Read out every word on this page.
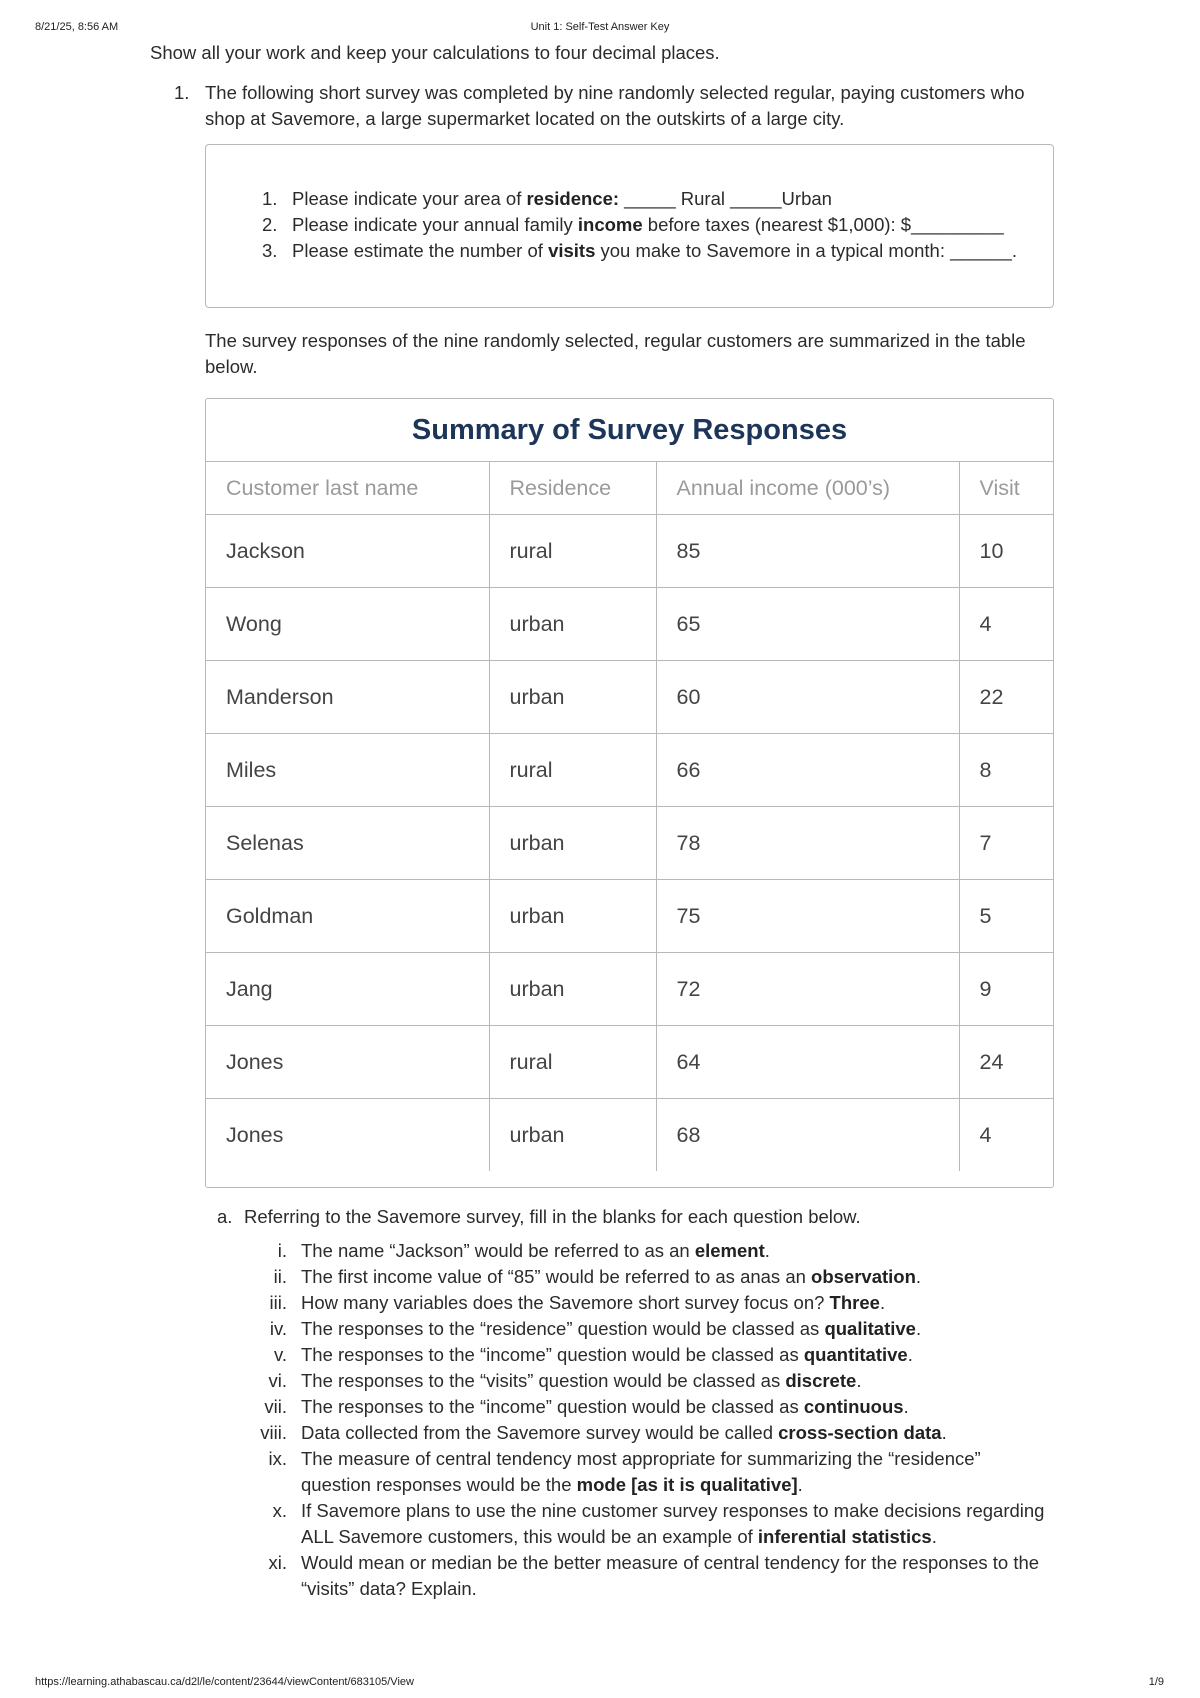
8/21/25, 8:56 AM	Unit 1: Self-Test Answer Key

Show all your work and keep your calculations to four decimal places.

1. The following short survey was completed by nine randomly selected regular, paying customers who shop at Savemore, a large supermarket located on the outskirts of a large city.

1. Please indicate your area of residence: _____ Rural _____Urban
2. Please indicate your annual family income before taxes (nearest $1,000): $_________
3. Please estimate the number of visits you make to Savemore in a typical month: ______.

The survey responses of the nine randomly selected, regular customers are summarized in the table below.

Summary of Survey Responses
Customer last name	Residence	Annual income (000’s)	Visit
Jackson	rural	85	10
Wong	urban	65	4
Manderson	urban	60	22
Miles	rural	66	8
Selenas	urban	78	7
Goldman	urban	75	5
Jang	urban	72	9
Jones	rural	64	24
Jones	urban	68	4

a. Referring to the Savemore survey, fill in the blanks for each question below.

i. The name “Jackson” would be referred to as an element.

ii. The first income value of “85” would be referred to as anas an observation.

iii. How many variables does the Savemore short survey focus on? Three.

iv. The responses to the “residence” question would be classed as qualitative.

v. The responses to the “income” question would be classed as quantitative.

vi. The responses to the “visits” question would be classed as discrete.

vii. The responses to the “income” question would be classed as continuous.

viii. Data collected from the Savemore survey would be called cross-section data.

ix. The measure of central tendency most appropriate for summarizing the “residence” question responses would be the mode [as it is qualitative].

x. If Savemore plans to use the nine customer survey responses to make decisions regarding ALL Savemore customers, this would be an example of inferential statistics.

xi. Would mean or median be the better measure of central tendency for the responses to the “visits” data? Explain.

https://learning.athabascau.ca/d2l/le/content/23644/viewContent/683105/View	1/9
